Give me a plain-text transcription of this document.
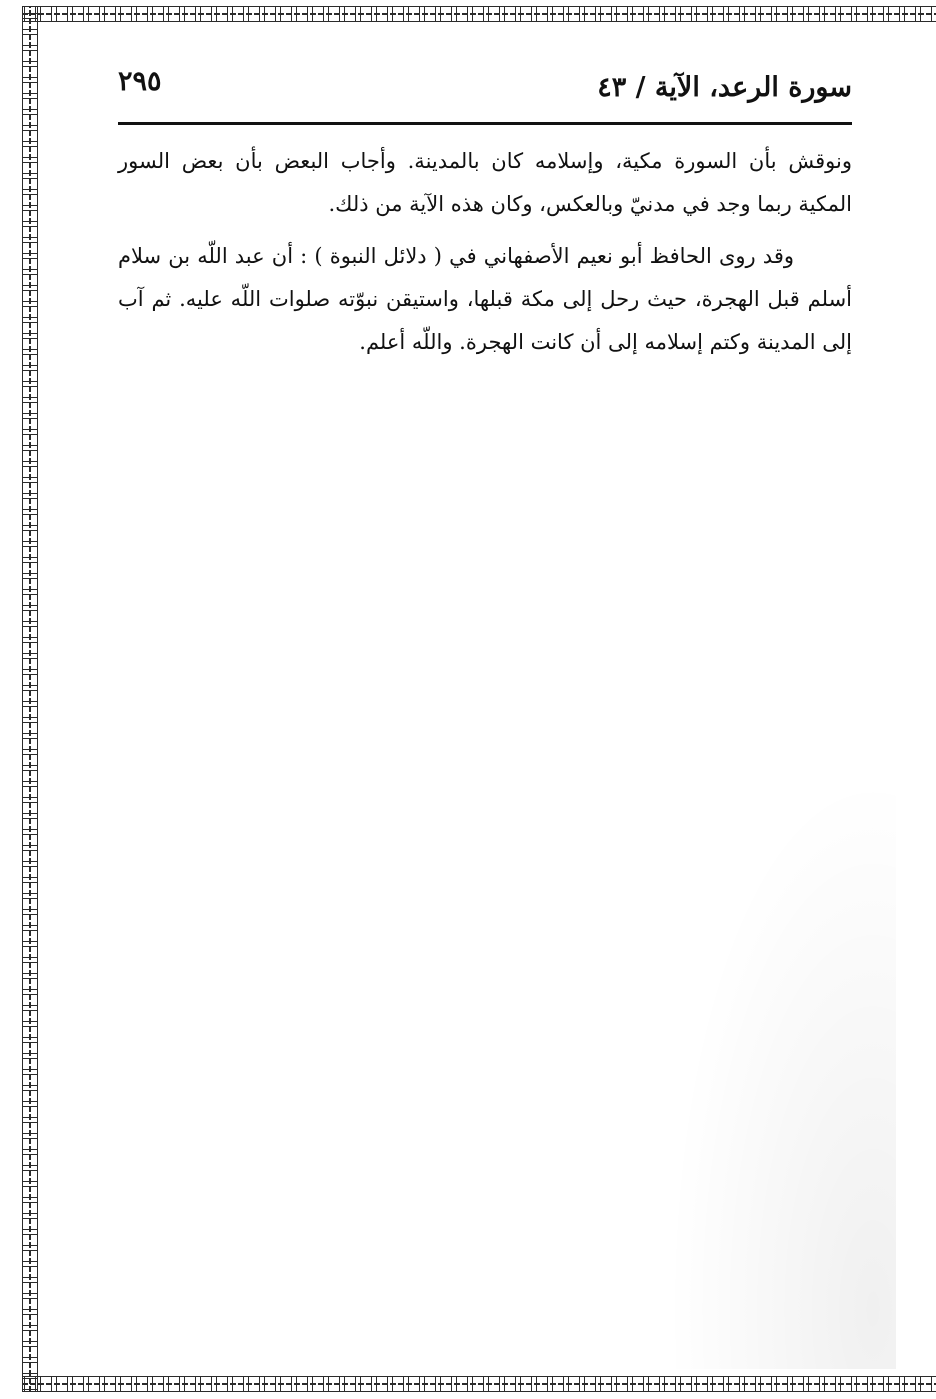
سورة الرعد، الآية / ٤٣
٢٩٥

ونوقش بأن السورة مكية، وإسلامه كان بالمدينة. وأجاب البعض بأن بعض السور المكية ربما وجد في مدنيّ وبالعكس، وكان هذه الآية من ذلك.

وقد روى الحافظ أبو نعيم الأصفهاني في ( دلائل النبوة ) : أن عبد اللّه بن سلام أسلم قبل الهجرة، حيث رحل إلى مكة قبلها، واستيقن نبوّته صلوات اللّه عليه. ثم آب إلى المدينة وكتم إسلامه إلى أن كانت الهجرة. واللّه أعلم.
